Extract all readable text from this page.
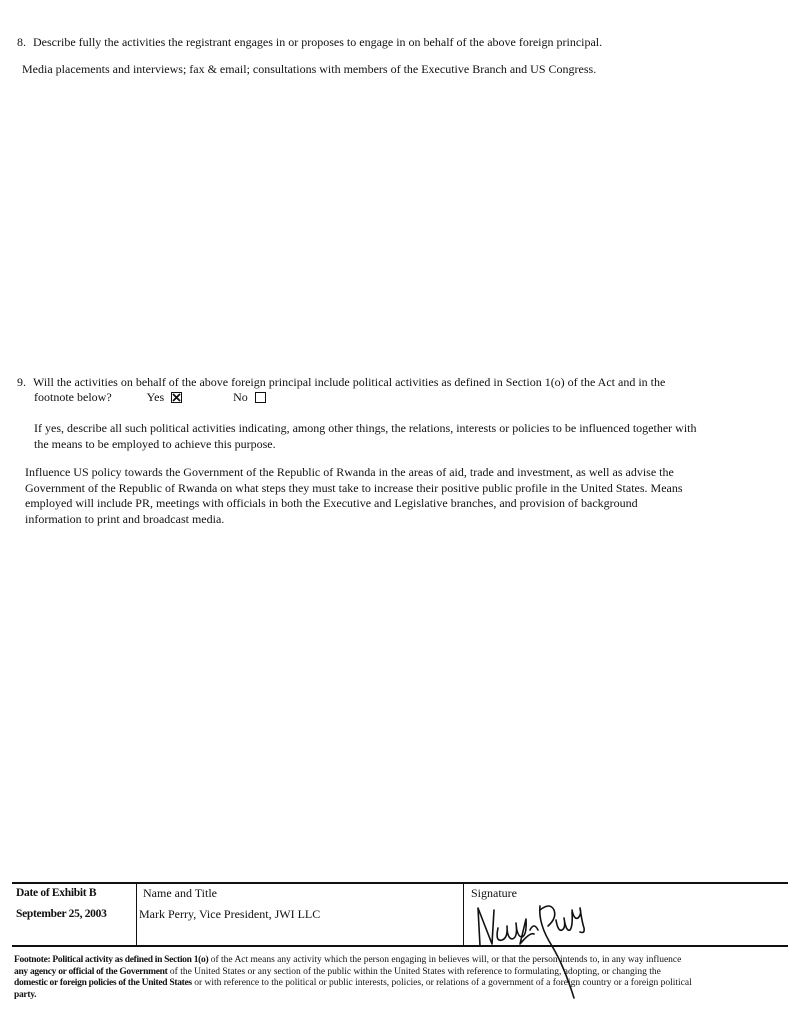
8. Describe fully the activities the registrant engages in or proposes to engage in on behalf of the above foreign principal.
Media placements and interviews; fax & email; consultations with members of the Executive Branch and US Congress.
9. Will the activities on behalf of the above foreign principal include political activities as defined in Section 1(o) of the Act and in the
footnote below?	Yes	No
If yes, describe all such political activities indicating, among other things, the relations, interests or policies to be influenced together with
the means to be employed to achieve this purpose.
Influence US policy towards the Government of the Republic of Rwanda in the areas of aid, trade and investment, as well as advise the
Government of the Republic of Rwanda on what steps they must take to increase their positive public profile in the United States. Means
employed will include PR, meetings with officials in both the Executive and Legislative branches, and provision of background
information to print and broadcast media.
Date of Exhibit B
September 25, 2003
Name and Title
Mark Perry, Vice President, JWI LLC
Signature
Footnote: Political activity as defined in Section 1(o) of the Act means any activity which the person engaging in believes will, or that the person intends to, in any way influence
any agency or official of the Government of the United States or any section of the public within the United States with reference to formulating, adopting, or changing the
domestic or foreign policies of the United States or with reference to the political or public interests, policies, or relations of a government of a foreign country or a foreign political
party.
